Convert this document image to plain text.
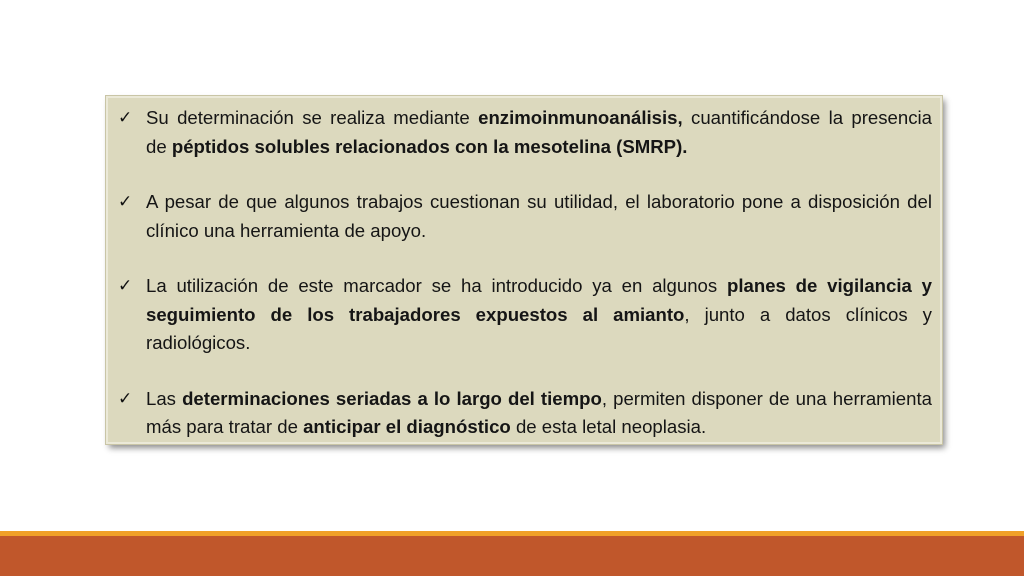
✓ Su determinación se realiza mediante enzimoinmunoanálisis, cuantificándose la presencia de péptidos solubles relacionados con la mesotelina (SMRP).
✓ A pesar de que algunos trabajos cuestionan su utilidad, el laboratorio pone a disposición del clínico una herramienta de apoyo.
✓ La utilización de este marcador se ha introducido ya en algunos planes de vigilancia y seguimiento de los trabajadores expuestos al amianto, junto a datos clínicos y radiológicos.
✓ Las determinaciones seriadas a lo largo del tiempo, permiten disponer de una herramienta más para tratar de anticipar el diagnóstico de esta letal neoplasia.
